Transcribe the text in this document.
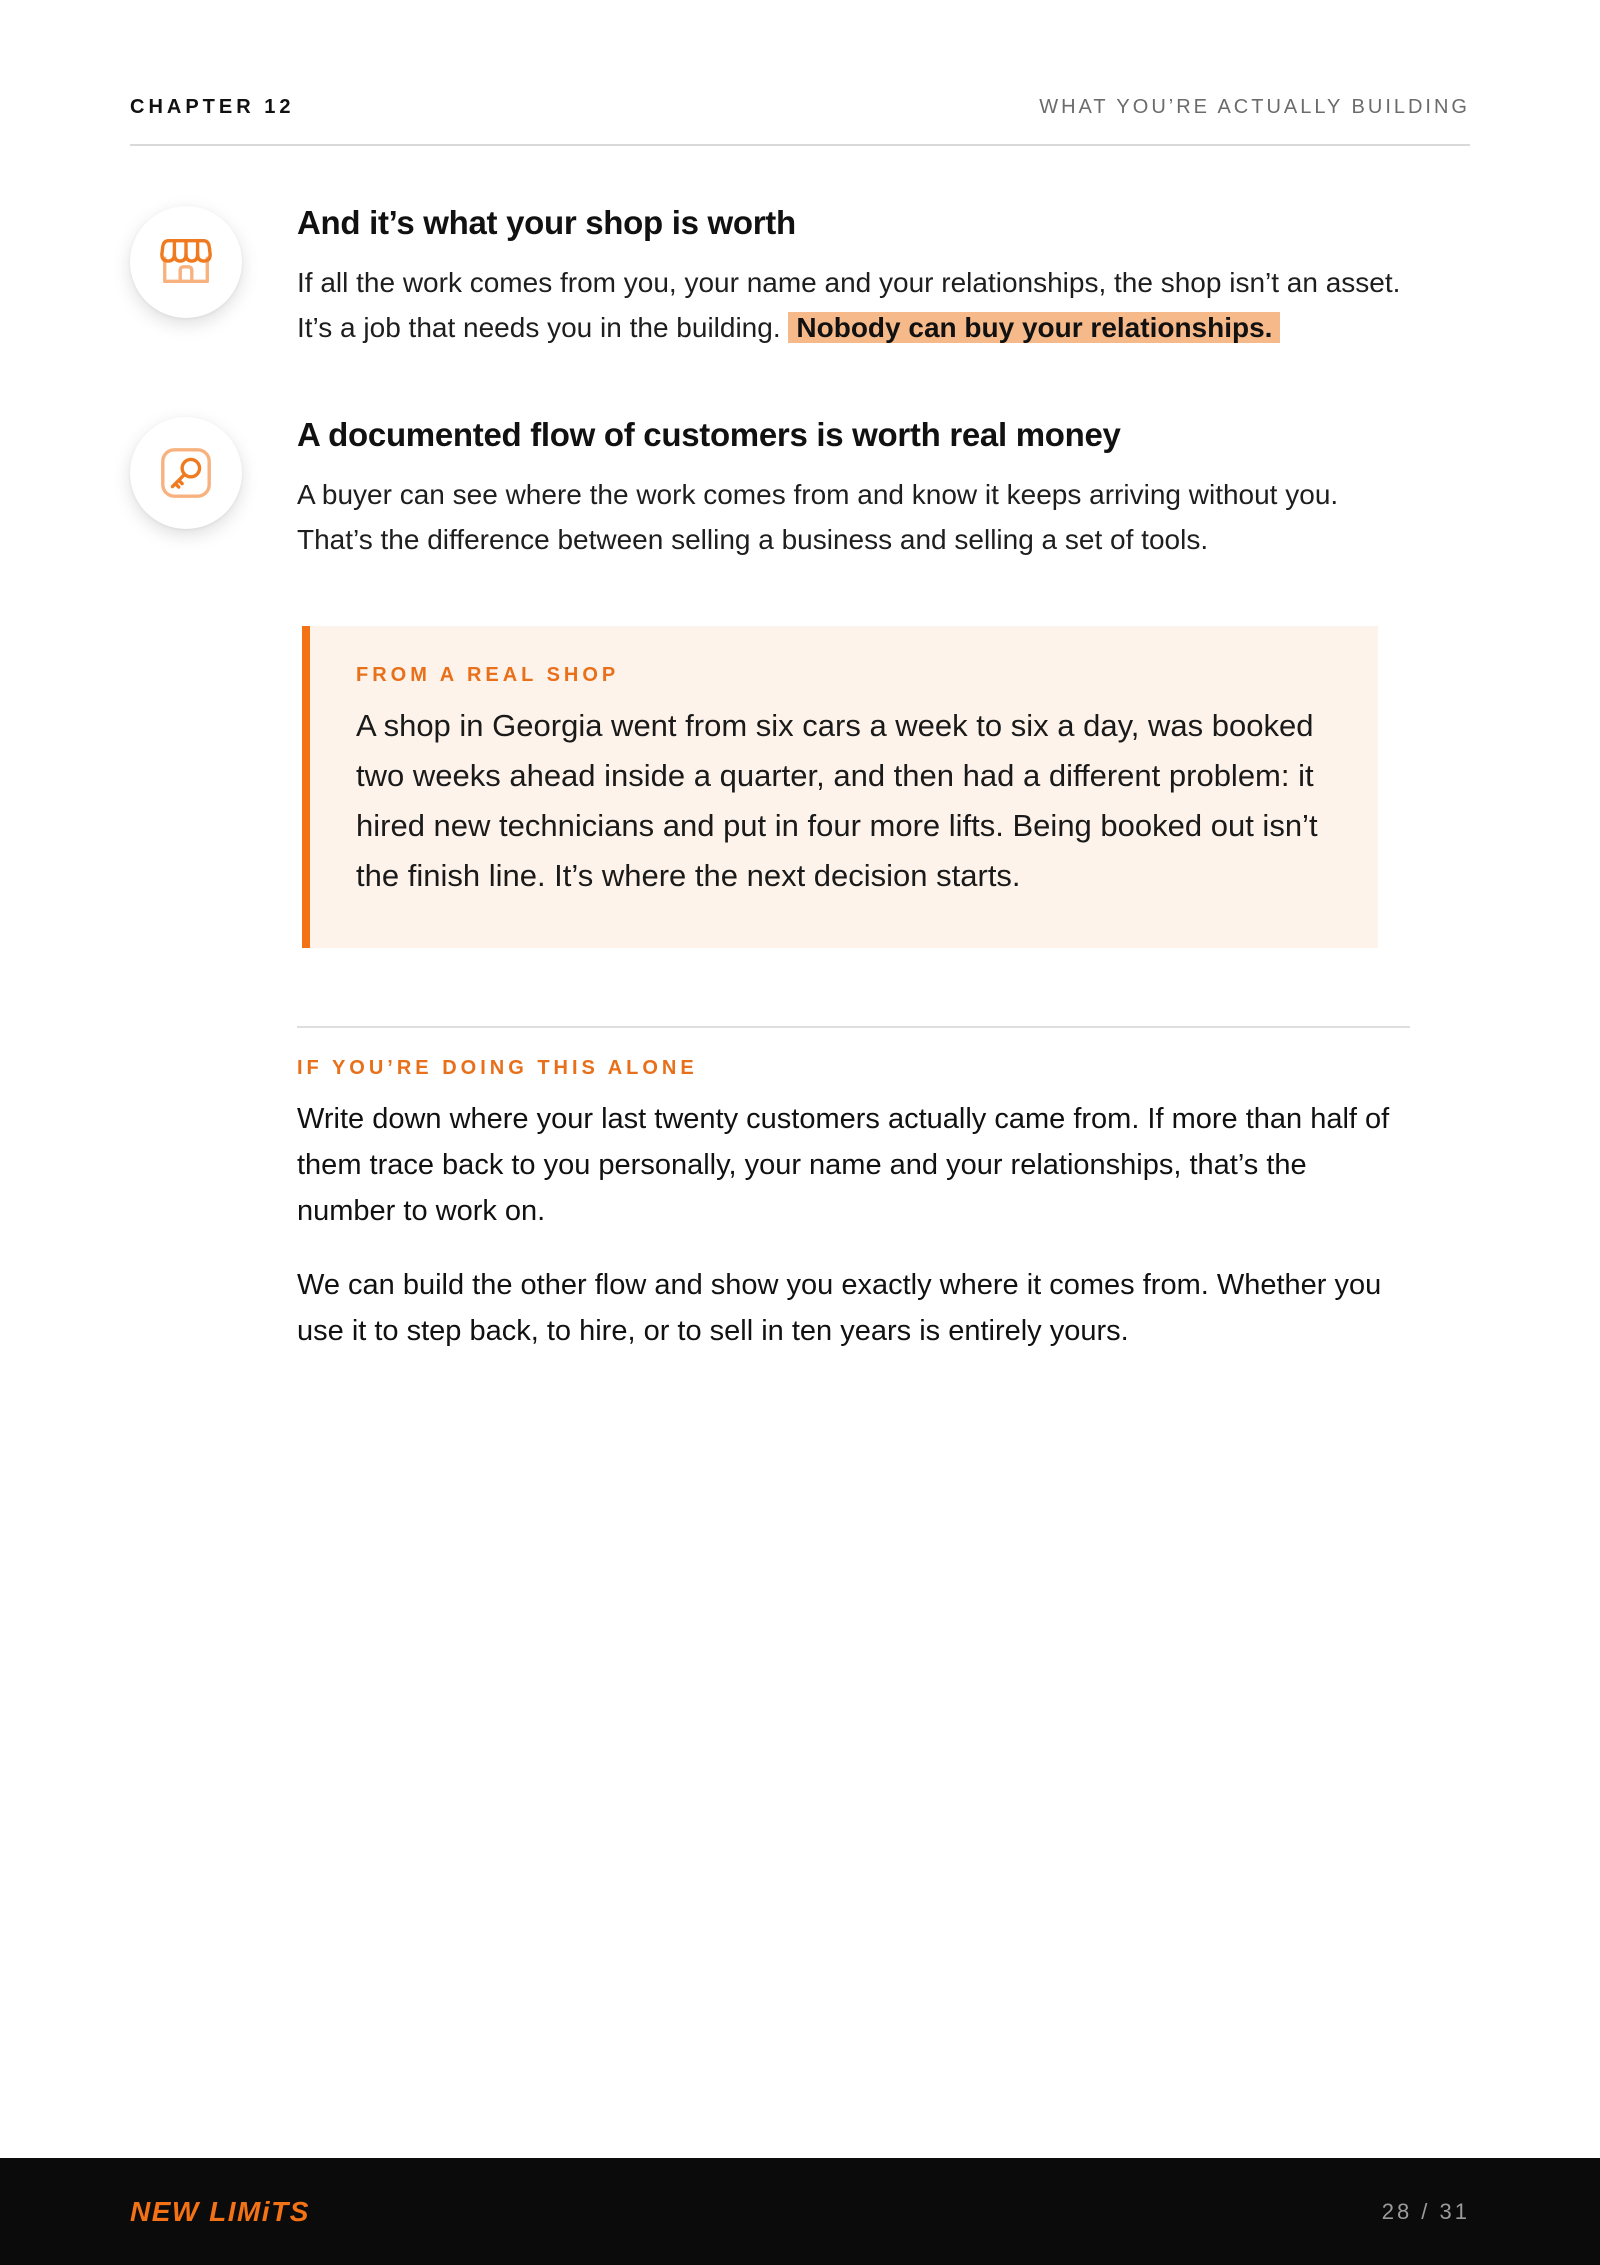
CHAPTER 12	WHAT YOU’RE ACTUALLY BUILDING
And it’s what your shop is worth

If all the work comes from you, your name and your relationships, the shop isn’t an asset. It’s a job that needs you in the building. Nobody can buy your relationships.

A documented flow of customers is worth real money

A buyer can see where the work comes from and know it keeps arriving without you. That’s the difference between selling a business and selling a set of tools.

FROM A REAL SHOP

A shop in Georgia went from six cars a week to six a day, was booked two weeks ahead inside a quarter, and then had a different problem: it hired new technicians and put in four more lifts. Being booked out isn’t the finish line. It’s where the next decision starts.

IF YOU’RE DOING THIS ALONE

Write down where your last twenty customers actually came from. If more than half of them trace back to you personally, your name and your relationships, that’s the number to work on.

We can build the other flow and show you exactly where it comes from. Whether you use it to step back, to hire, or to sell in ten years is entirely yours.

NEW LIMiTS	28 / 31
